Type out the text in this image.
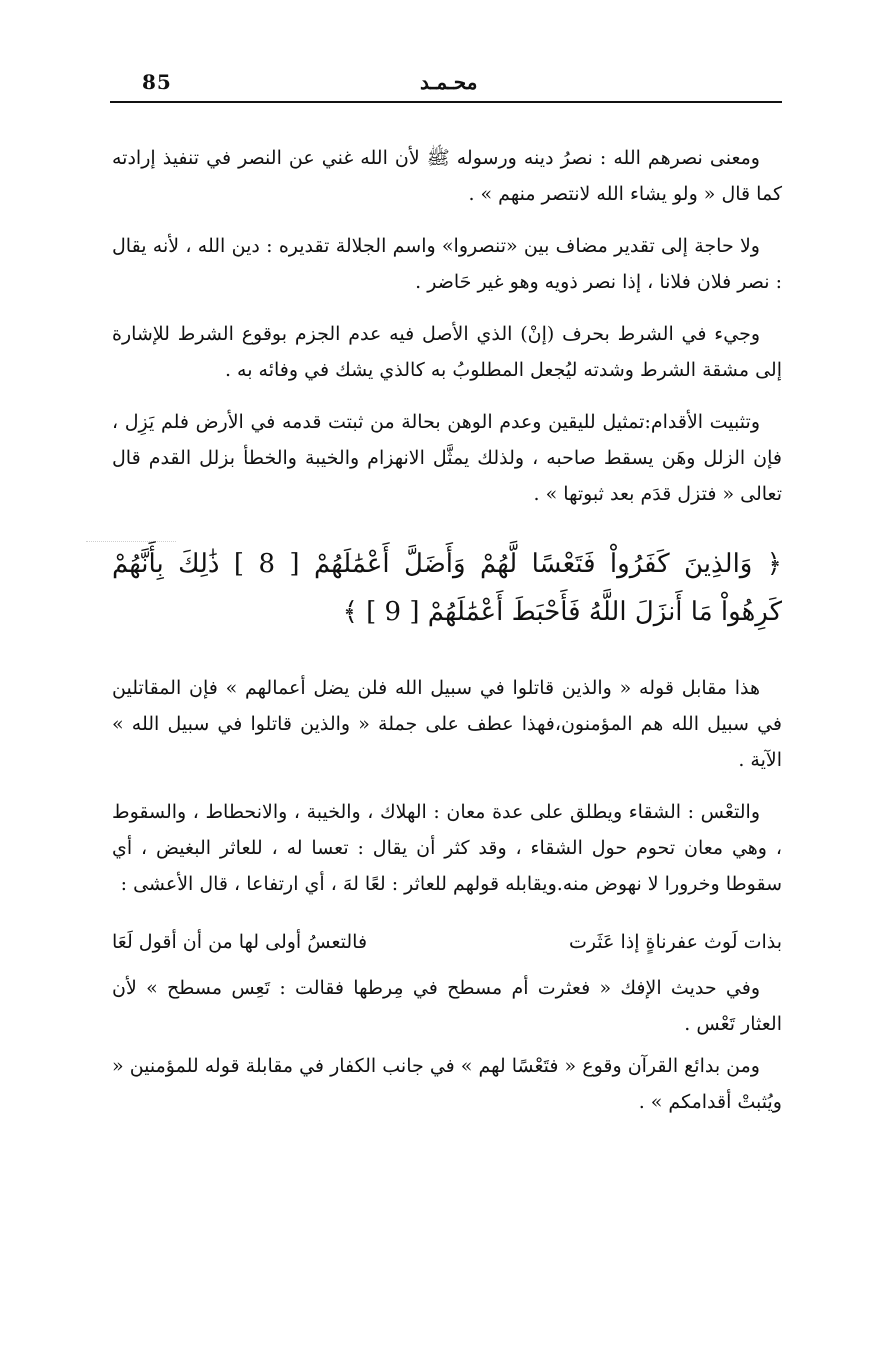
85	محـمـد

ومعنى نصرهم الله : نصرُ دينه ورسوله ﷺ لأن الله غني عن النصر في تنفيذ إرادته كما قال « ولو يشاء الله لانتصر منهم » .

ولا حاجة إلى تقدير مضاف بين «تنصروا» واسم الجلالة تقديره : دين الله ، لأنه يقال : نصر فلان فلانا ، إذا نصر ذويه وهو غير حَاضر .

وجيء في الشرط بحرف (إنْ) الذي الأصل فيه عدم الجزم بوقوع الشرط للإشارة إلى مشقة الشرط وشدته ليُجعل المطلوبُ به كالذي يشك في وفائه به .

وتثبيت الأقدام:تمثيل لليقين وعدم الوهن بحالة من ثبتت قدمه في الأرض فلم يَزِل ، فإن الزلل وهَن يسقط صاحبه ، ولذلك يمثَّل الانهزام والخيبة والخطأ بزلل القدم قال تعالى « فتزل قدَم بعد ثبوتها » .

﴿ وَالذِينَ كَفَرُواْ فَتَعْسًا لَّهُمْ وَأَضَلَّ أَعْمَٰلَهُمْ [ 8 ] ذَٰلِكَ بِأَنَّهُمْ كَرِهُواْ مَا أَنزَلَ اللَّهُ فَأَحْبَطَ أَعْمَٰلَهُمْ [ 9 ] ﴾

هذا مقابل قوله « والذين قاتلوا في سبيل الله فلن يضل أعمالهم » فإن المقاتلين في سبيل الله هم المؤمنون،فهذا عطف على جملة « والذين قاتلوا في سبيل الله » الآية .

والتعْس : الشقاء ويطلق على عدة معان : الهلاك ، والخيبة ، والانحطاط ، والسقوط ، وهي معان تحوم حول الشقاء ، وقد كثر أن يقال : تعسا له ، للعاثر البغيض ، أي سقوطا وخرورا لا نهوض منه.ويقابله قولهم للعاثر : لعًا لهَ ، أي ارتفاعا ، قال الأعشى :

بذات لَوث عفرناةٍ إذا عَثَرت
فالتعسُ أولى لها من أن أقول لَعَا

وفي حديث الإفك « فعثرت أم مسطح في مِرطها فقالت : تَعِس مسطح » لأن العثار تَعْس .

ومن بدائع القرآن وقوع « فتَعْسًا لهم » في جانب الكفار في مقابلة قوله للمؤمنين « ويُثبتْ أقدامكم » .
